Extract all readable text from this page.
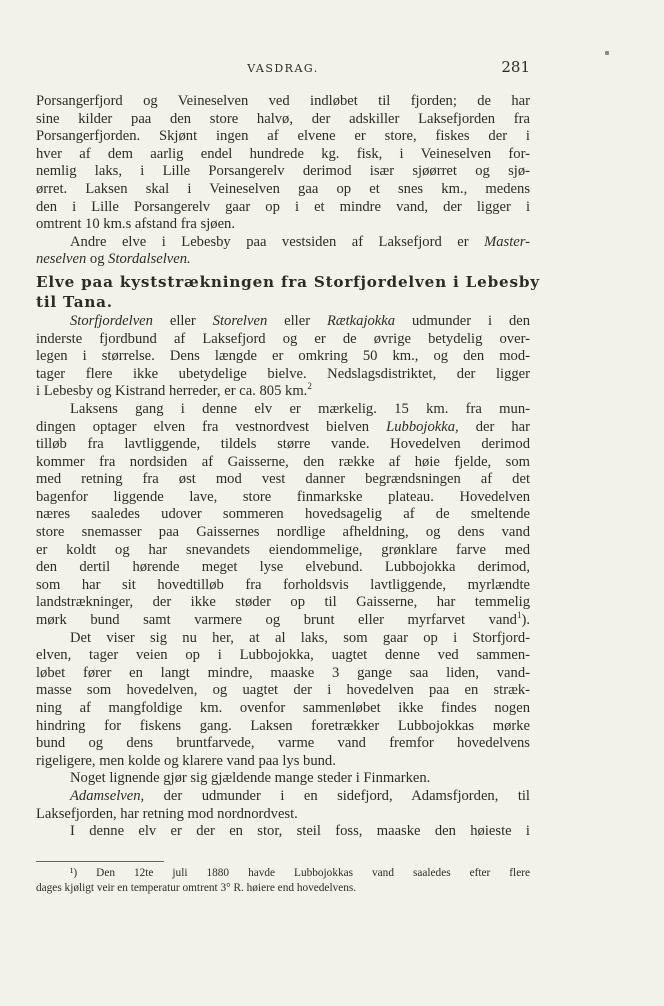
VASDRAG.	281
Porsangerfjord og Veineselven ved indløbet til fjorden; de har
sine kilder paa den store halvø, der adskiller Laksefjorden fra
Porsangerfjorden. Skjønt ingen af elvene er store, fiskes der i
hver af dem aarlig endel hundrede kg. fisk, i Veineselven for-
nemlig laks, i Lille Porsangerelv derimod især sjøørret og sjø-
ørret. Laksen skal i Veineselven gaa op et snes km., medens
den i Lille Porsangerelv gaar op i et mindre vand, der ligger i
omtrent 10 km.s afstand fra sjøen.
Andre elve i Lebesby paa vestsiden af Laksefjord er Master-
neselven og Stordalselven.
Elve paa kyststrækningen fra Storfjordelven i Lebesby
til Tana.
Storfjordelven eller Storelven eller Rætkajokka udmunder i den
inderste fjordbund af Laksefjord og er de øvrige betydelig over-
legen i størrelse. Dens længde er omkring 50 km., og den mod-
tager flere ikke ubetydelige bielve. Nedslagsdistriktet, der ligger
i Lebesby og Kistrand herreder, er ca. 805 km.$^2$
Laksens gang i denne elv er mærkelig. 15 km. fra mun-
dingen optager elven fra vestnordvest bielven Lubbojokka, der har
tilløb fra lavtliggende, tildels større vande. Hovedelven derimod
kommer fra nordsiden af Gaisserne, den række af høie fjelde, som
med retning fra øst mod vest danner begrændsningen af det
bagenfor liggende lave, store finmarkske plateau. Hovedelven
næres saaledes udover sommeren hovedsagelig af de smeltende
store snemasser paa Gaissernes nordlige afheldning, og dens vand
er koldt og har snevandets eiendommelige, grønklare farve med
den dertil hørende meget lyse elvebund. Lubbojokka derimod,
som har sit hovedtilløb fra forholdsvis lavtliggende, myrlændte
landstrækninger, der ikke støder op til Gaisserne, har temmelig
mørk bund samt varmere og brunt eller myrfarvet vand$^1$).
Det viser sig nu her, at al laks, som gaar op i Storfjord-
elven, tager veien op i Lubbojokka, uagtet denne ved sammen-
løbet fører en langt mindre, maaske 3 gange saa liden, vand-
masse som hovedelven, og uagtet der i hovedelven paa en stræk-
ning af mangfoldige km. ovenfor sammenløbet ikke findes nogen
hindring for fiskens gang. Laksen foretrækker Lubbojokkas mørke
bund og dens bruntfarvede, varme vand fremfor hovedelvens
rigeligere, men kolde og klarere vand paa lys bund.
Noget lignende gjør sig gjældende mange steder i Finmarken.
Adamselven, der udmunder i en sidefjord, Adamsfjorden, til
Laksefjorden, har retning mod nordnordvest.
I denne elv er der en stor, steil foss, maaske den høieste i
¹) Den 12te juli 1880 havde Lubbojokkas vand saaledes efter flere
dages kjøligt veir en temperatur omtrent 3° R. høiere end hovedelvens.
